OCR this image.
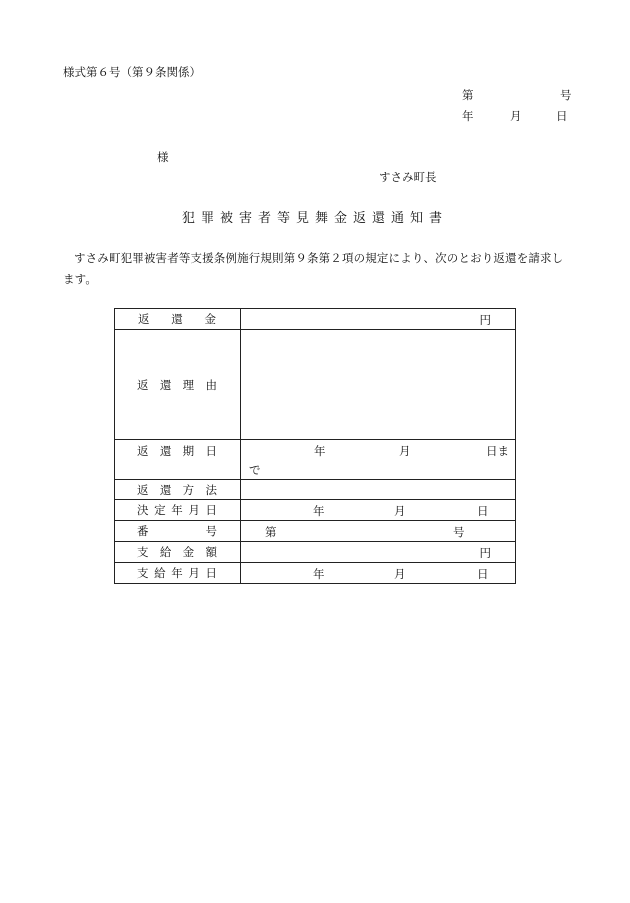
様式第６号（第９条関係）
第	号
年	月	日
様
すさみ町長
犯罪被害者等見舞金返還通知書
すさみ町犯罪被害者等支援条例施行規則第９条第２項の規定により、次のとおり返還を請求します。
返 還 金	円

返 還 理 由	

返 還 期 日	年 月 日ま
で

返 還 方 法	

決 定 年 月 日	年 月 日

番 号	第 号

支 給 金 額	円

支 給 年 月 日	年 月 日
